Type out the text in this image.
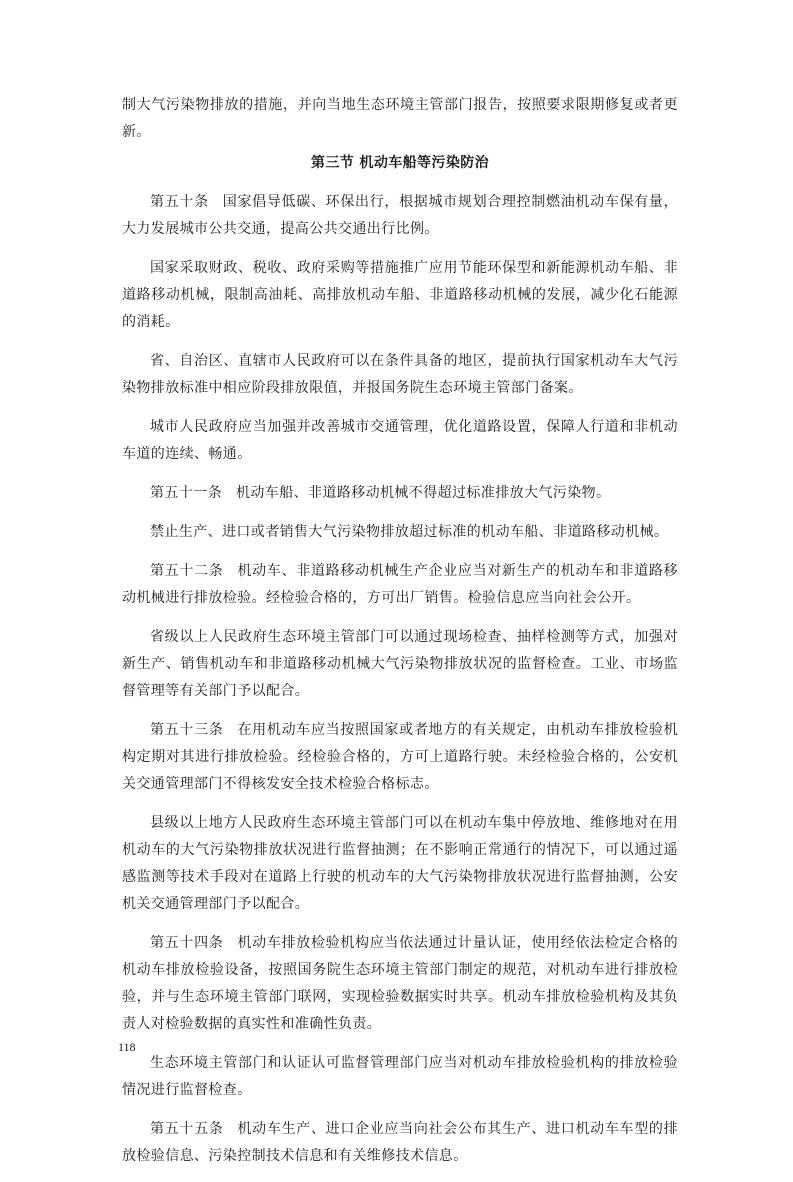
制大气污染物排放的措施，并向当地生态环境主管部门报告，按照要求限期修复或者更新。

第三节 机动车船等污染防治

第五十条 国家倡导低碳、环保出行，根据城市规划合理控制燃油机动车保有量，大力发展城市公共交通，提高公共交通出行比例。

国家采取财政、税收、政府采购等措施推广应用节能环保型和新能源机动车船、非道路移动机械，限制高油耗、高排放机动车船、非道路移动机械的发展，减少化石能源的消耗。

省、自治区、直辖市人民政府可以在条件具备的地区，提前执行国家机动车大气污染物排放标准中相应阶段排放限值，并报国务院生态环境主管部门备案。

城市人民政府应当加强并改善城市交通管理，优化道路设置，保障人行道和非机动车道的连续、畅通。

第五十一条 机动车船、非道路移动机械不得超过标准排放大气污染物。

禁止生产、进口或者销售大气污染物排放超过标准的机动车船、非道路移动机械。

第五十二条 机动车、非道路移动机械生产企业应当对新生产的机动车和非道路移动机械进行排放检验。经检验合格的，方可出厂销售。检验信息应当向社会公开。

省级以上人民政府生态环境主管部门可以通过现场检查、抽样检测等方式，加强对新生产、销售机动车和非道路移动机械大气污染物排放状况的监督检查。工业、市场监督管理等有关部门予以配合。

第五十三条 在用机动车应当按照国家或者地方的有关规定，由机动车排放检验机构定期对其进行排放检验。经检验合格的，方可上道路行驶。未经检验合格的，公安机关交通管理部门不得核发安全技术检验合格标志。

县级以上地方人民政府生态环境主管部门可以在机动车集中停放地、维修地对在用机动车的大气污染物排放状况进行监督抽测；在不影响正常通行的情况下，可以通过遥感监测等技术手段对在道路上行驶的机动车的大气污染物排放状况进行监督抽测，公安机关交通管理部门予以配合。

第五十四条 机动车排放检验机构应当依法通过计量认证，使用经依法检定合格的机动车排放检验设备，按照国务院生态环境主管部门制定的规范，对机动车进行排放检验，并与生态环境主管部门联网，实现检验数据实时共享。机动车排放检验机构及其负责人对检验数据的真实性和准确性负责。

生态环境主管部门和认证认可监督管理部门应当对机动车排放检验机构的排放检验情况进行监督检查。

第五十五条 机动车生产、进口企业应当向社会公布其生产、进口机动车车型的排放检验信息、污染控制技术信息和有关维修技术信息。

118
